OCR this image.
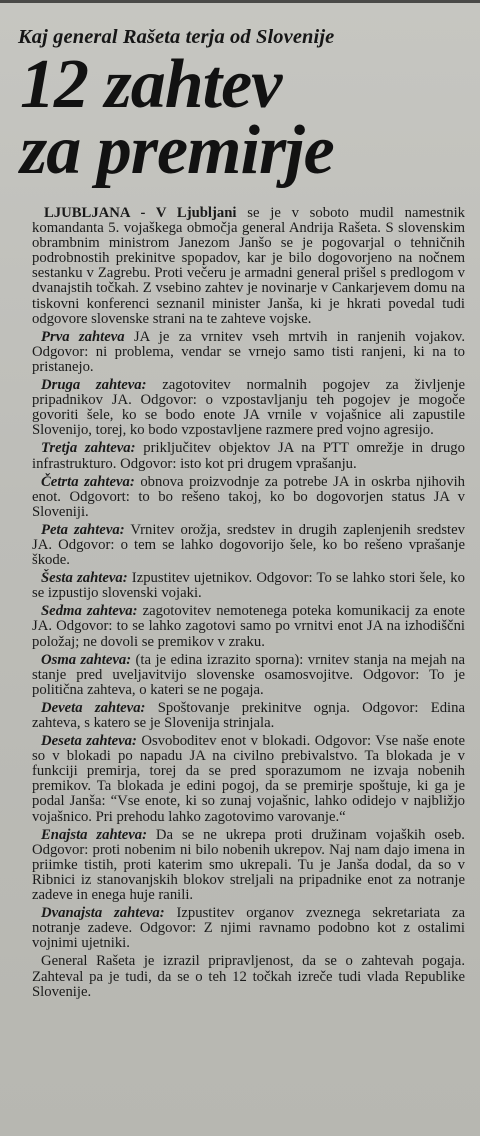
Kaj general Rašeta terja od Slovenije
12 zahtev
za premirje

LJUBLJANA - V Ljubljani se je v soboto mudil namestnik komandanta 5. vojaškega območja general Andrija Rašeta. S slovenskim obrambnim ministrom Janezom Janšo se je pogovarjal o tehničnih podrobnostih prekinitve spopadov, kar je bilo dogovorjeno na nočnem sestanku v Zagrebu. Proti večeru je armadni general prišel s predlogom v dvanajstih točkah. Z vsebino zahtev je novinarje v Cankarjevem domu na tiskovni konferenci seznanil minister Janša, ki je hkrati povedal tudi odgovore slovenske strani na te zahteve vojske.

Prva zahteva JA je za vrnitev vseh mrtvih in ranjenih vojakov. Odgovor: ni problema, vendar se vrnejo samo tisti ranjeni, ki na to pristanejo.

Druga zahteva: zagotovitev normalnih pogojev za življenje pripadnikov JA. Odgovor: o vzpostavljanju teh pogojev je mogoče govoriti šele, ko se bodo enote JA vrnile v vojašnice ali zapustile Slovenijo, torej, ko bodo vzpostavljene razmere pred vojno agresijo.

Tretja zahteva: priključitev objektov JA na PTT omrežje in drugo infrastrukturo. Odgovor: isto kot pri drugem vprašanju.

Četrta zahteva: obnova proizvodnje za potrebe JA in oskrba njihovih enot. Odgovort: to bo rešeno takoj, ko bo dogovorjen status JA v Sloveniji.

Peta zahteva: Vrnitev orožja, sredstev in drugih zaplenjenih sredstev JA. Odgovor: o tem se lahko dogovorijo šele, ko bo rešeno vprašanje škode.

Šesta zahteva: Izpustitev ujetnikov. Odgovor: To se lahko stori šele, ko se izpustijo slovenski vojaki.

Sedma zahteva: zagotovitev nemotenega poteka komunikacij za enote JA. Odgovor: to se lahko zagotovi samo po vrnitvi enot JA na izhodiščni položaj; ne dovoli se premikov v zraku.

Osma zahteva: (ta je edina izrazito sporna): vrnitev stanja na mejah na stanje pred uveljavitvijo slovenske osamosvojitve. Odgovor: To je politična zahteva, o kateri se ne pogaja.

Deveta zahteva: Spoštovanje prekinitve ognja. Odgovor: Edina zahteva, s katero se je Slovenija strinjala.

Deseta zahteva: Osvoboditev enot v blokadi. Odgovor: Vse naše enote so v blokadi po napadu JA na civilno prebivalstvo. Ta blokada je v funkciji premirja, torej da se pred sporazumom ne izvaja nobenih premikov. Ta blokada je edini pogoj, da se premirje spoštuje, ki ga je podal Janša: “Vse enote, ki so zunaj vojašnic, lahko odidejo v najbližjo vojašnico. Pri prehodu lahko zagotovimo varovanje.“

Enajsta zahteva: Da se ne ukrepa proti družinam vojaških oseb. Odgovor: proti nobenim ni bilo nobenih ukrepov. Naj nam dajo imena in priimke tistih, proti katerim smo ukrepali. Tu je Janša dodal, da so v Ribnici iz stanovanjskih blokov streljali na pripadnike enot za notranje zadeve in enega huje ranili.

Dvanajsta zahteva: Izpustitev organov zveznega sekretariata za notranje zadeve. Odgovor: Z njimi ravnamo podobno kot z ostalimi vojnimi ujetniki.

General Rašeta je izrazil pripravljenost, da se o zahtevah pogaja. Zahteval pa je tudi, da se o teh 12 točkah izreče tudi vlada Republike Slovenije.
